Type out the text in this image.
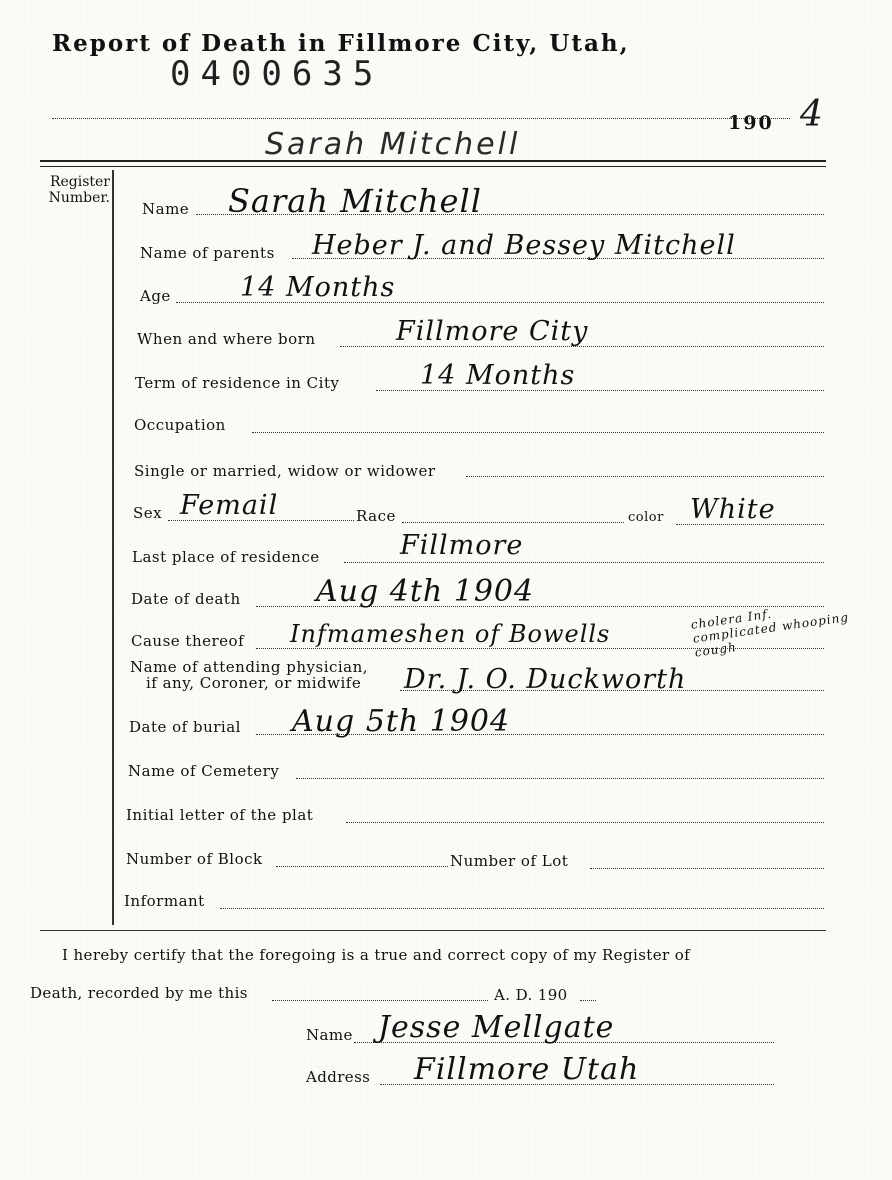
Report of Death in Fillmore City, Utah,
0400635
Sarah Mitchell
190 4
Register Number.
Name Sarah Mitchell
Name of parents Heber J. and Bessey Mitchell
Age	14 Months
When and where born	Fillmore City
Term of residence in City	14 Months
Occupation
Single or married, widow or widower
Sex Femail	Race	color White
Last place of residence	Fillmore
Date of death	Aug 4th 1904
Cause thereof Infmameshen of Bowells
cholera Inf. complicated whooping cough
Name of attending physician,
if any, Coroner, or midwife Dr. J. O. Duckworth
Date of burial Aug 5th 1904
Name of Cemetery
Initial letter of the plat
Number of Block	Number of Lot
Informant
I hereby certify that the foregoing is a true and correct copy of my Register of
Death, recorded by me this	A. D. 190
Name Jesse Mellgate
Address Fillmore Utah
